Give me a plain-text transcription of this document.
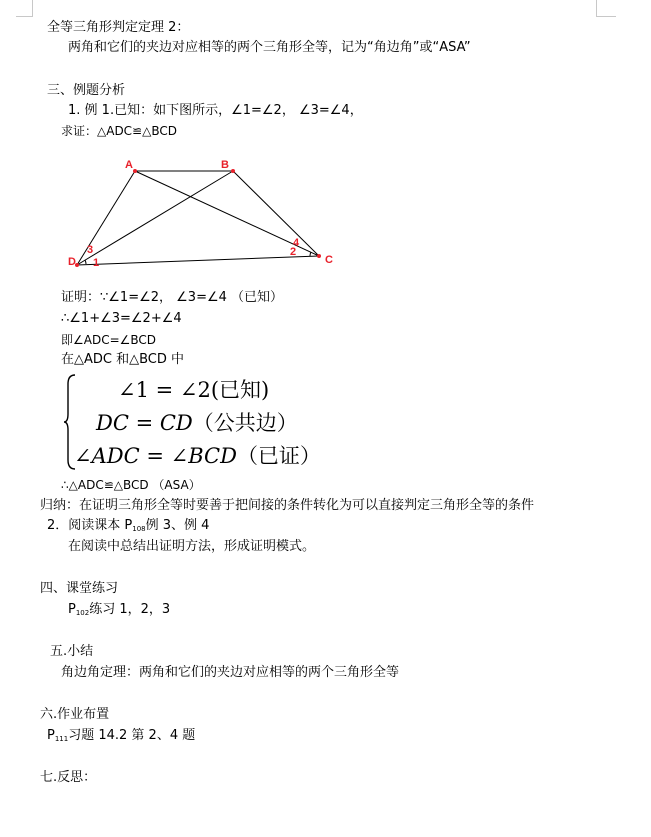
全等三角形判定定理 2：
两角和它们的夹边对应相等的两个三角形全等，记为“角边角”或“ASA”
三、例题分析
1. 例 1.已知：如下图所示，∠1=∠2， ∠3=∠4，
求证：△ADC≌△BCD
A	B
C
D 1
2
3
4
证明：∵∠1=∠2， ∠3=∠4 （已知）
∴∠1+∠3=∠2+∠4
即∠ADC=∠BCD
在△ADC 和△BCD 中
∠1 = ∠2(已知)
DC = CD（公共边）
∠ADC = ∠BCD（已证）
∴△ADC≌△BCD （ASA）
归纳：在证明三角形全等时要善于把间接的条件转化为可以直接判定三角形全等的条件
2．阅读课本 $P_{108}$例 3、例 4
在阅读中总结出证明方法，形成证明模式。
四、课堂练习
$P_{102}$练习 1，2，3
五.小结
角边角定理：两角和它们的夹边对应相等的两个三角形全等
六.作业布置
$P_{111}$习题 14.2 第 2、4 题
七.反思：
